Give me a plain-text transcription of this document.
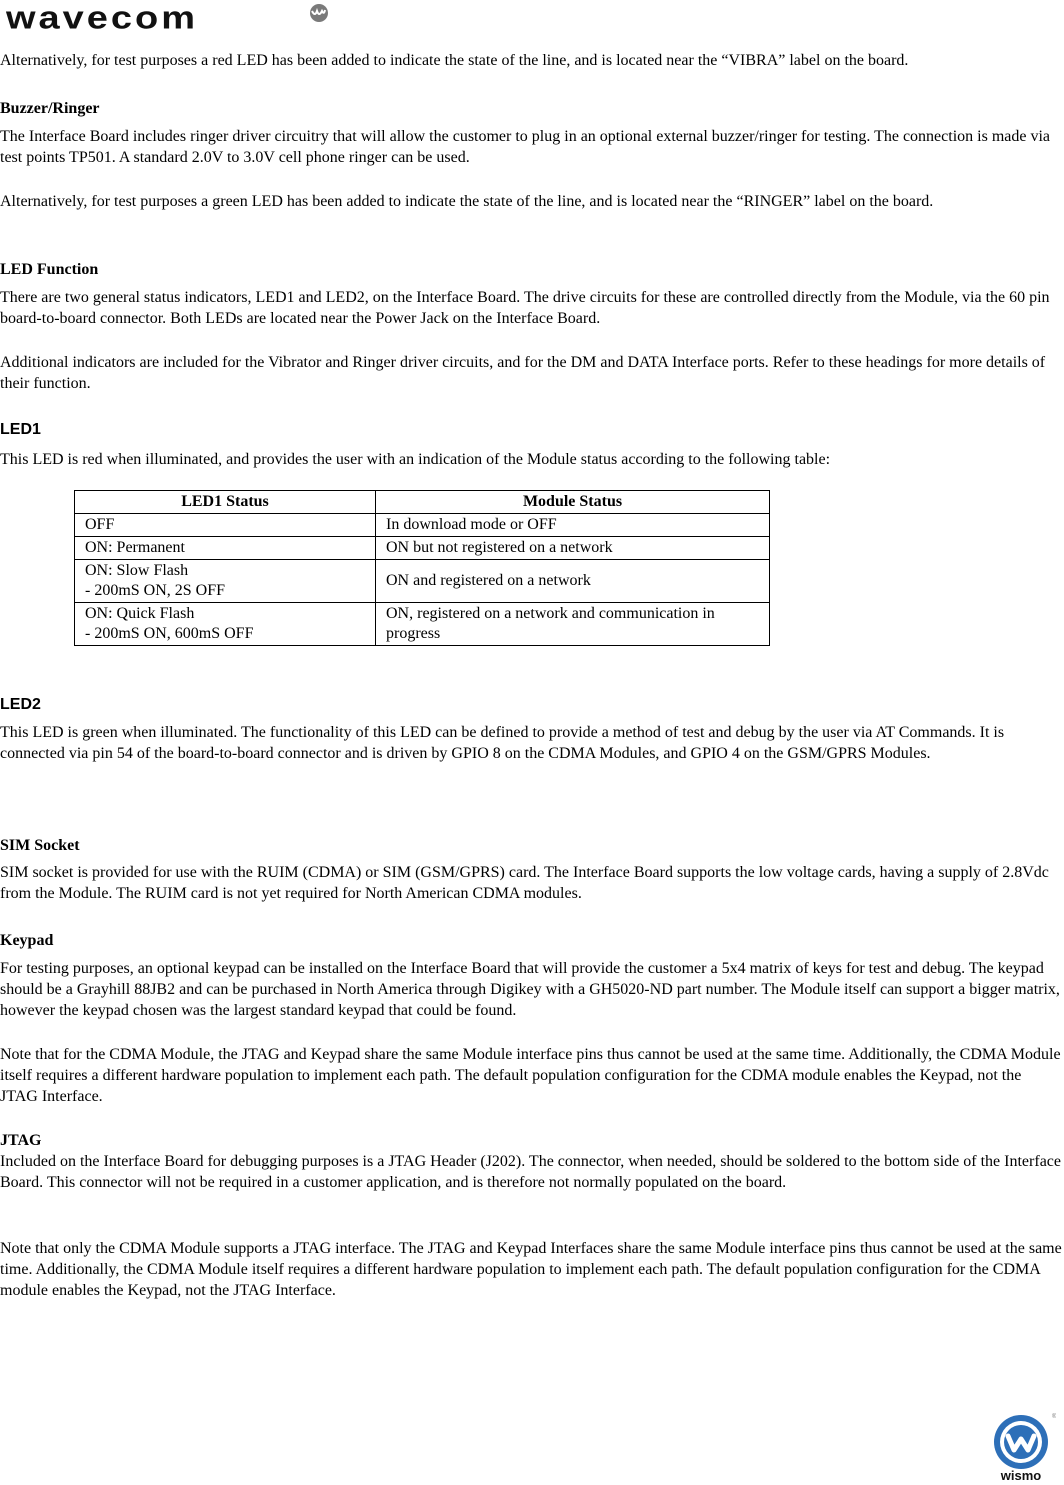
wavecom

Alternatively, for test purposes a red LED has been added to indicate the state of the line, and is located near the “VIBRA” label on the board.

Buzzer/Ringer

The Interface Board includes ringer driver circuitry that will allow the customer to plug in an optional external buzzer/ringer for testing. The connection is made via test points TP501. A standard 2.0V to 3.0V cell phone ringer can be used.

Alternatively, for test purposes a green LED has been added to indicate the state of the line, and is located near the “RINGER” label on the board.

LED Function

There are two general status indicators, LED1 and LED2, on the Interface Board. The drive circuits for these are controlled directly from the Module, via the 60 pin board-to-board connector. Both LEDs are located near the Power Jack on the Interface Board.

Additional indicators are included for the Vibrator and Ringer driver circuits, and for the DM and DATA Interface ports. Refer to these headings for more details of their function.

LED1

This LED is red when illuminated, and provides the user with an indication of the Module status according to the following table:

LED1 Status	Module Status
OFF	In download mode or OFF
ON: Permanent	ON but not registered on a network

ON: Slow Flash
- 200mS ON, 2S OFF	ON and registered on a network

ON: Quick Flash
- 200mS ON, 600mS OFF	ON, registered on a network and communication in progress

LED2

This LED is green when illuminated. The functionality of this LED can be defined to provide a method of test and debug by the user via AT Commands. It is connected via pin 54 of the board-to-board connector and is driven by GPIO 8 on the CDMA Modules, and GPIO 4 on the GSM/GPRS Modules.

SIM Socket

SIM socket is provided for use with the RUIM (CDMA) or SIM (GSM/GPRS) card. The Interface Board supports the low voltage cards, having a supply of 2.8Vdc from the Module. The RUIM card is not yet required for North American CDMA modules.

Keypad

For testing purposes, an optional keypad can be installed on the Interface Board that will provide the customer a 5x4 matrix of keys for test and debug. The keypad should be a Grayhill 88JB2 and can be purchased in North America through Digikey with a GH5020-ND part number. The Module itself can support a bigger matrix, however the keypad chosen was the largest standard keypad that could be found.

Note that for the CDMA Module, the JTAG and Keypad share the same Module interface pins thus cannot be used at the same time. Additionally, the CDMA Module itself requires a different hardware population to implement each path. The default population configuration for the CDMA module enables the Keypad, not the JTAG Interface.

JTAG

Included on the Interface Board for debugging purposes is a JTAG Header (J202). The connector, when needed, should be soldered to the bottom side of the Interface Board. This connector will not be required in a customer application, and is therefore not normally populated on the board.

Note that only the CDMA Module supports a JTAG interface. The JTAG and Keypad Interfaces share the same Module interface pins thus cannot be used at the same time. Additionally, the CDMA Module itself requires a different hardware population to implement each path. The default population configuration for the CDMA module enables the Keypad, not the JTAG Interface.

wismo
®
